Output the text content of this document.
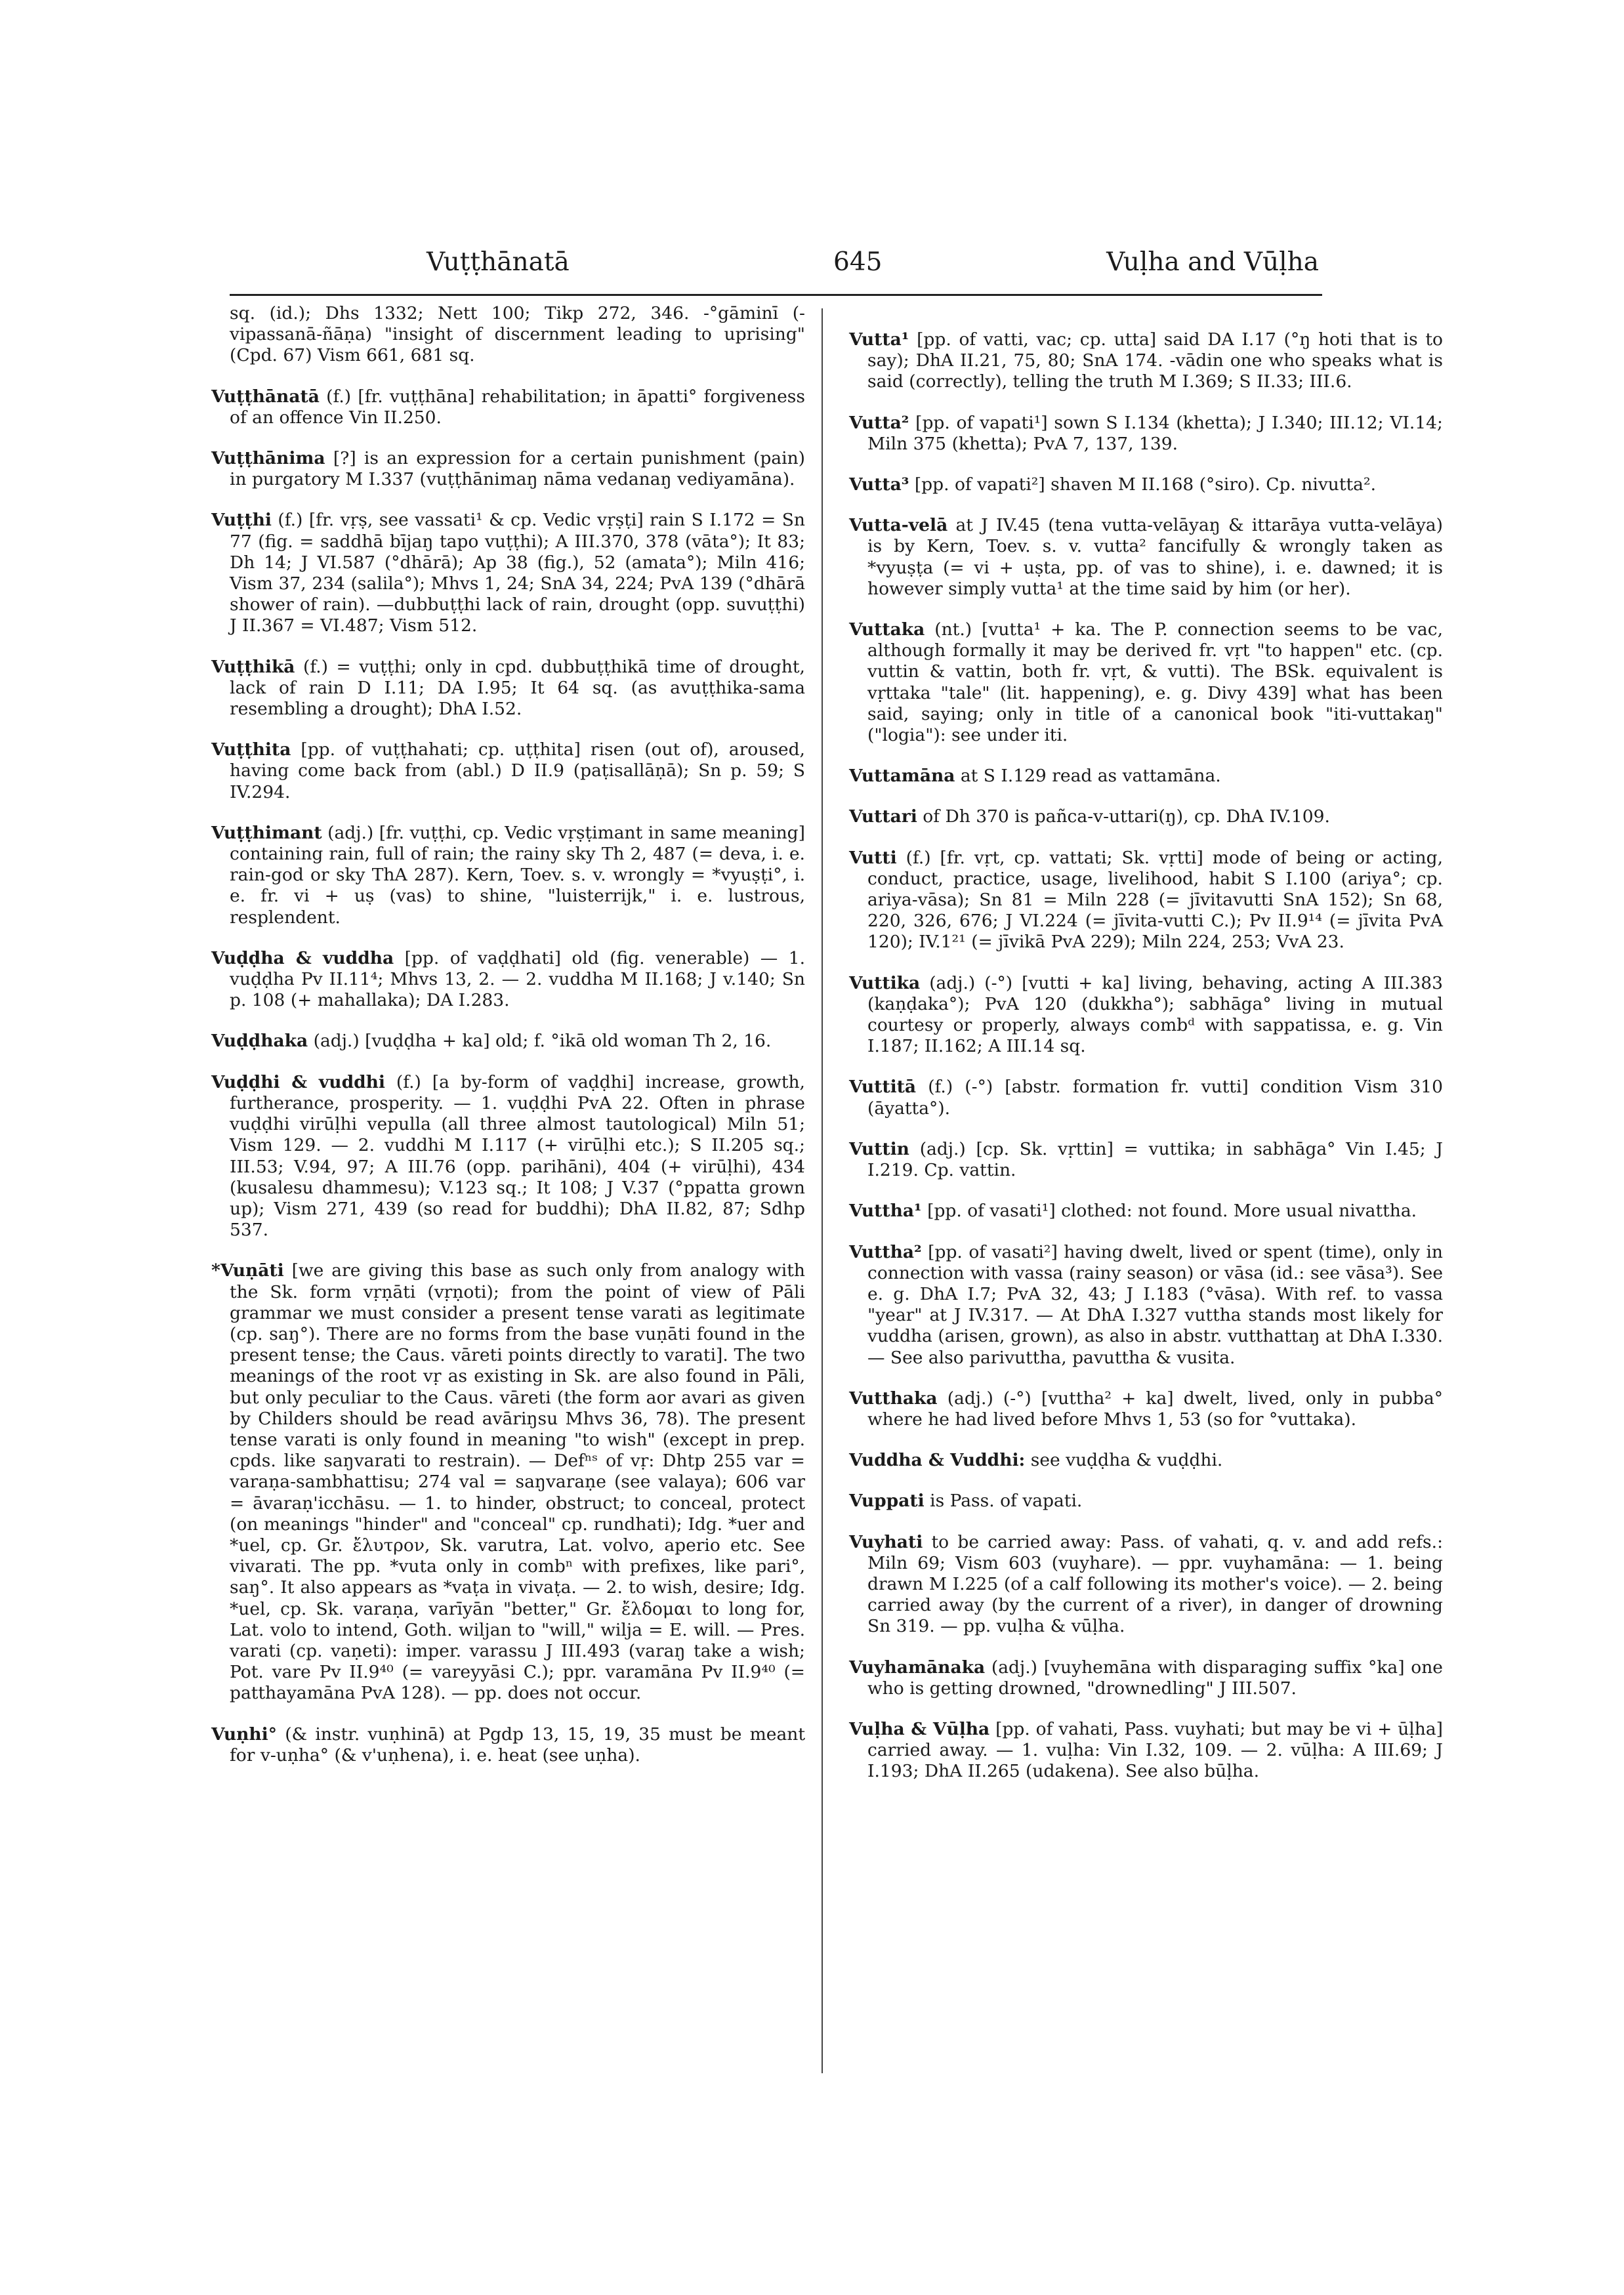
Vuṭṭhānatā	645	Vuḷha and Vūḷha

sq. (id.); Dhs 1332; Nett 100; Tikp 272, 346. -°gāminī (-vipassanā-ñāṇa) "insight of discernment leading to uprising" (Cpd. 67) Vism 661, 681 sq.

Vuṭṭhānatā (f.) [fr. vuṭṭhāna] rehabilitation; in āpatti° forgiveness of an offence Vin II.250.

Vuṭṭhānima [?] is an expression for a certain punishment (pain) in purgatory M I.337 (vuṭṭhānimaŋ nāma vedanaŋ vediyamāna).

Vuṭṭhi (f.) [fr. vṛṣ, see vassati¹ & cp. Vedic vṛṣṭi] rain S I.172 = Sn 77 (fig. = saddhā bījaŋ tapo vuṭṭhi); A III.370, 378 (vāta°); It 83; Dh 14; J VI.587 (°dhārā); Ap 38 (fig.), 52 (amata°); Miln 416; Vism 37, 234 (salila°); Mhvs 1, 24; SnA 34, 224; PvA 139 (°dhārā shower of rain). —dubbuṭṭhi lack of rain, drought (opp. suvuṭṭhi) J II.367 = VI.487; Vism 512.

Vuṭṭhikā (f.) = vuṭṭhi; only in cpd. dubbuṭṭhikā time of drought, lack of rain D I.11; DA I.95; It 64 sq. (as avuṭṭhika-sama resembling a drought); DhA I.52.

Vuṭṭhita [pp. of vuṭṭhahati; cp. uṭṭhita] risen (out of), aroused, having come back from (abl.) D II.9 (paṭisallāṇā); Sn p. 59; S IV.294.

Vuṭṭhimant (adj.) [fr. vuṭṭhi, cp. Vedic vṛṣṭimant in same meaning] containing rain, full of rain; the rainy sky Th 2, 487 (= deva, i. e. rain-god or sky ThA 287). Kern, Toev. s. v. wrongly = *vyuṣṭi°, i. e. fr. vi + uṣ (vas) to shine, "luisterrijk," i. e. lustrous, resplendent.

Vuḍḍha & vuddha [pp. of vaḍḍhati] old (fig. venerable) — 1. vuḍḍha Pv II.11⁴; Mhvs 13, 2. — 2. vuddha M II.168; J v.140; Sn p. 108 (+ mahallaka); DA I.283.

Vuḍḍhaka (adj.) [vuḍḍha + ka] old; f. °ikā old woman Th 2, 16.

Vuḍḍhi & vuddhi (f.) [a by-form of vaḍḍhi] increase, growth, furtherance, prosperity. — 1. vuḍḍhi PvA 22. Often in phrase vuḍḍhi virūḷhi vepulla (all three almost tautological) Miln 51; Vism 129. — 2. vuddhi M I.117 (+ virūḷhi etc.); S II.205 sq.; III.53; V.94, 97; A III.76 (opp. parihāni), 404 (+ virūḷhi), 434 (kusalesu dhammesu); V.123 sq.; It 108; J V.37 (°ppatta grown up); Vism 271, 439 (so read for buddhi); DhA II.82, 87; Sdhp 537.

*Vuṇāti [we are giving this base as such only from analogy with the Sk. form vṛṇāti (vṛṇoti); from the point of view of Pāli grammar we must consider a present tense varati as legitimate (cp. saŋ°). There are no forms from the base vuṇāti found in the present tense; the Caus. vāreti points directly to varati]. The two meanings of the root vṛ as existing in Sk. are also found in Pāli, but only peculiar to the Caus. vāreti (the form aor avari as given by Childers should be read avāriŋsu Mhvs 36, 78). The present tense varati is only found in meaning "to wish" (except in prep. cpds. like saŋvarati to restrain). — Defⁿˢ of vṛ: Dhtp 255 var = varaṇa-sambhattisu; 274 val = saŋvaraṇe (see valaya); 606 var = āvaraṇ'icchāsu. — 1. to hinder, obstruct; to conceal, protect (on meanings "hinder" and "conceal" cp. rundhati); Idg. *uer and *uel, cp. Gr. ἔλυτρον, Sk. varutra, Lat. volvo, aperio etc. See vivarati. The pp. *vuta only in combⁿ with prefixes, like pari°, saŋ°. It also appears as *vaṭa in vivaṭa. — 2. to wish, desire; Idg. *uel, cp. Sk. varaṇa, varīyān "better," Gr. ἔλδομαι to long for, Lat. volo to intend, Goth. wiljan to "will," wilja = E. will. — Pres. varati (cp. vaṇeti): imper. varassu J III.493 (varaŋ take a wish; Pot. vare Pv II.9⁴⁰ (= vareyyāsi C.); ppr. varamāna Pv II.9⁴⁰ (= patthayamāna PvA 128). — pp. does not occur.

Vuṇhi° (& instr. vuṇhinā) at Pgdp 13, 15, 19, 35 must be meant for v-uṇha° (& v'uṇhena), i. e. heat (see uṇha).

Vutta¹ [pp. of vatti, vac; cp. utta] said DA I.17 (°ŋ hoti that is to say); DhA II.21, 75, 80; SnA 174. -vādin one who speaks what is said (correctly), telling the truth M I.369; S II.33; III.6.

Vutta² [pp. of vapati¹] sown S I.134 (khetta); J I.340; III.12; VI.14; Miln 375 (khetta); PvA 7, 137, 139.

Vutta³ [pp. of vapati²] shaven M II.168 (°siro). Cp. nivutta².

Vutta-velā at J IV.45 (tena vutta-velāyaŋ & ittarāya vutta-velāya) is by Kern, Toev. s. v. vutta² fancifully & wrongly taken as *vyuṣṭa (= vi + uṣta, pp. of vas to shine), i. e. dawned; it is however simply vutta¹ at the time said by him (or her).

Vuttaka (nt.) [vutta¹ + ka. The P. connection seems to be vac, although formally it may be derived fr. vṛt "to happen" etc. (cp. vuttin & vattin, both fr. vṛt, & vutti). The BSk. equivalent is vṛttaka "tale" (lit. happening), e. g. Divy 439] what has been said, saying; only in title of a canonical book "iti-vuttakaŋ" ("logia"): see under iti.

Vuttamāna at S I.129 read as vattamāna.

Vuttari of Dh 370 is pañca-v-uttari(ŋ), cp. DhA IV.109.

Vutti (f.) [fr. vṛt, cp. vattati; Sk. vṛtti] mode of being or acting, conduct, practice, usage, livelihood, habit S I.100 (ariya°; cp. ariya-vāsa); Sn 81 = Miln 228 (= jīvitavutti SnA 152); Sn 68, 220, 326, 676; J VI.224 (= jīvita-vutti C.); Pv II.9¹⁴ (= jīvita PvA 120); IV.1²¹ (= jīvikā PvA 229); Miln 224, 253; VvA 23.

Vuttika (adj.) (-°) [vutti + ka] living, behaving, acting A III.383 (kaṇḍaka°); PvA 120 (dukkha°); sabhāga° living in mutual courtesy or properly, always combᵈ with sappatissa, e. g. Vin I.187; II.162; A III.14 sq.

Vuttitā (f.) (-°) [abstr. formation fr. vutti] condition Vism 310 (āyatta°).

Vuttin (adj.) [cp. Sk. vṛttin] = vuttika; in sabhāga° Vin I.45; J I.219. Cp. vattin.

Vuttha¹ [pp. of vasati¹] clothed: not found. More usual nivattha.

Vuttha² [pp. of vasati²] having dwelt, lived or spent (time), only in connection with vassa (rainy season) or vāsa (id.: see vāsa³). See e. g. DhA I.7; PvA 32, 43; J I.183 (°vāsa). With ref. to vassa "year" at J IV.317. — At DhA I.327 vuttha stands most likely for vuddha (arisen, grown), as also in abstr. vutthattaŋ at DhA I.330. — See also parivuttha, pavuttha & vusita.

Vutthaka (adj.) (-°) [vuttha² + ka] dwelt, lived, only in pubba° where he had lived before Mhvs 1, 53 (so for °vuttaka).

Vuddha & Vuddhi: see vuḍḍha & vuḍḍhi.

Vuppati is Pass. of vapati.

Vuyhati to be carried away: Pass. of vahati, q. v. and add refs.: Miln 69; Vism 603 (vuyhare). — ppr. vuyhamāna: — 1. being drawn M I.225 (of a calf following its mother's voice). — 2. being carried away (by the current of a river), in danger of drowning Sn 319. — pp. vuḷha & vūḷha.

Vuyhamānaka (adj.) [vuyhemāna with disparaging suffix °ka] one who is getting drowned, "drownedling" J III.507.

Vuḷha & Vūḷha [pp. of vahati, Pass. vuyhati; but may be vi + ūḷha] carried away. — 1. vuḷha: Vin I.32, 109. — 2. vūḷha: A III.69; J I.193; DhA II.265 (udakena). See also būḷha.
